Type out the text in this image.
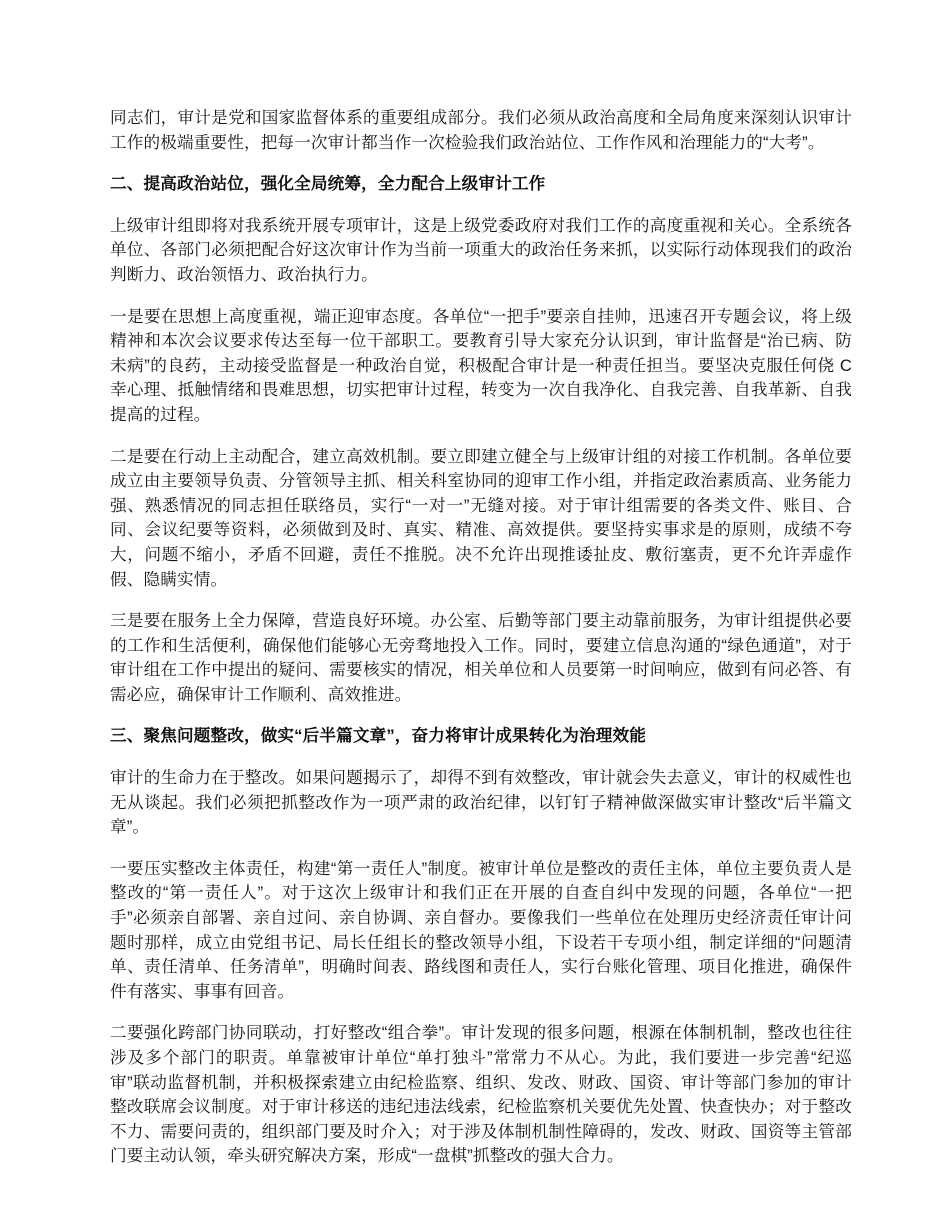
同志们，审计是党和国家监督体系的重要组成部分。我们必须从政治高度和全局角度来深刻认识审计工作的极端重要性，把每一次审计都当作一次检验我们政治站位、工作作风和治理能力的“大考”。

二、提高政治站位，强化全局统筹，全力配合上级审计工作

上级审计组即将对我系统开展专项审计，这是上级党委政府对我们工作的高度重视和关心。全系统各单位、各部门必须把配合好这次审计作为当前一项重大的政治任务来抓，以实际行动体现我们的政治判断力、政治领悟力、政治执行力。

一是要在思想上高度重视，端正迎审态度。各单位“一把手”要亲自挂帅，迅速召开专题会议，将上级精神和本次会议要求传达至每一位干部职工。要教育引导大家充分认识到，审计监督是“治已病、防未病”的良药，主动接受监督是一种政治自觉，积极配合审计是一种责任担当。要坚决克服任何侥 C 幸心理、抵触情绪和畏难思想，切实把审计过程，转变为一次自我净化、自我完善、自我革新、自我提高的过程。

二是要在行动上主动配合，建立高效机制。要立即建立健全与上级审计组的对接工作机制。各单位要成立由主要领导负责、分管领导主抓、相关科室协同的迎审工作小组，并指定政治素质高、业务能力强、熟悉情况的同志担任联络员，实行“一对一”无缝对接。对于审计组需要的各类文件、账目、合同、会议纪要等资料，必须做到及时、真实、精准、高效提供。要坚持实事求是的原则，成绩不夸大，问题不缩小，矛盾不回避，责任不推脱。决不允许出现推诿扯皮、敷衍塞责，更不允许弄虚作假、隐瞒实情。

三是要在服务上全力保障，营造良好环境。办公室、后勤等部门要主动靠前服务，为审计组提供必要的工作和生活便利，确保他们能够心无旁骛地投入工作。同时，要建立信息沟通的“绿色通道”，对于审计组在工作中提出的疑问、需要核实的情况，相关单位和人员要第一时间响应，做到有问必答、有需必应，确保审计工作顺利、高效推进。

三、聚焦问题整改，做实“后半篇文章”，奋力将审计成果转化为治理效能

审计的生命力在于整改。如果问题揭示了，却得不到有效整改，审计就会失去意义，审计的权威性也无从谈起。我们必须把抓整改作为一项严肃的政治纪律，以钉钉子精神做深做实审计整改“后半篇文章”。

一要压实整改主体责任，构建“第一责任人”制度。被审计单位是整改的责任主体，单位主要负责人是整改的“第一责任人”。对于这次上级审计和我们正在开展的自查自纠中发现的问题，各单位“一把手”必须亲自部署、亲自过问、亲自协调、亲自督办。要像我们一些单位在处理历史经济责任审计问题时那样，成立由党组书记、局长任组长的整改领导小组，下设若干专项小组，制定详细的“问题清单、责任清单、任务清单”，明确时间表、路线图和责任人，实行台账化管理、项目化推进，确保件件有落实、事事有回音。

二要强化跨部门协同联动，打好整改“组合拳”。审计发现的很多问题，根源在体制机制，整改也往往涉及多个部门的职责。单靠被审计单位“单打独斗”常常力不从心。为此，我们要进一步完善“纪巡审”联动监督机制，并积极探索建立由纪检监察、组织、发改、财政、国资、审计等部门参加的审计整改联席会议制度。对于审计移送的违纪违法线索，纪检监察机关要优先处置、快查快办；对于整改不力、需要问责的，组织部门要及时介入；对于涉及体制机制性障碍的，发改、财政、国资等主管部门要主动认领，牵头研究解决方案，形成“一盘棋”抓整改的强大合力。
